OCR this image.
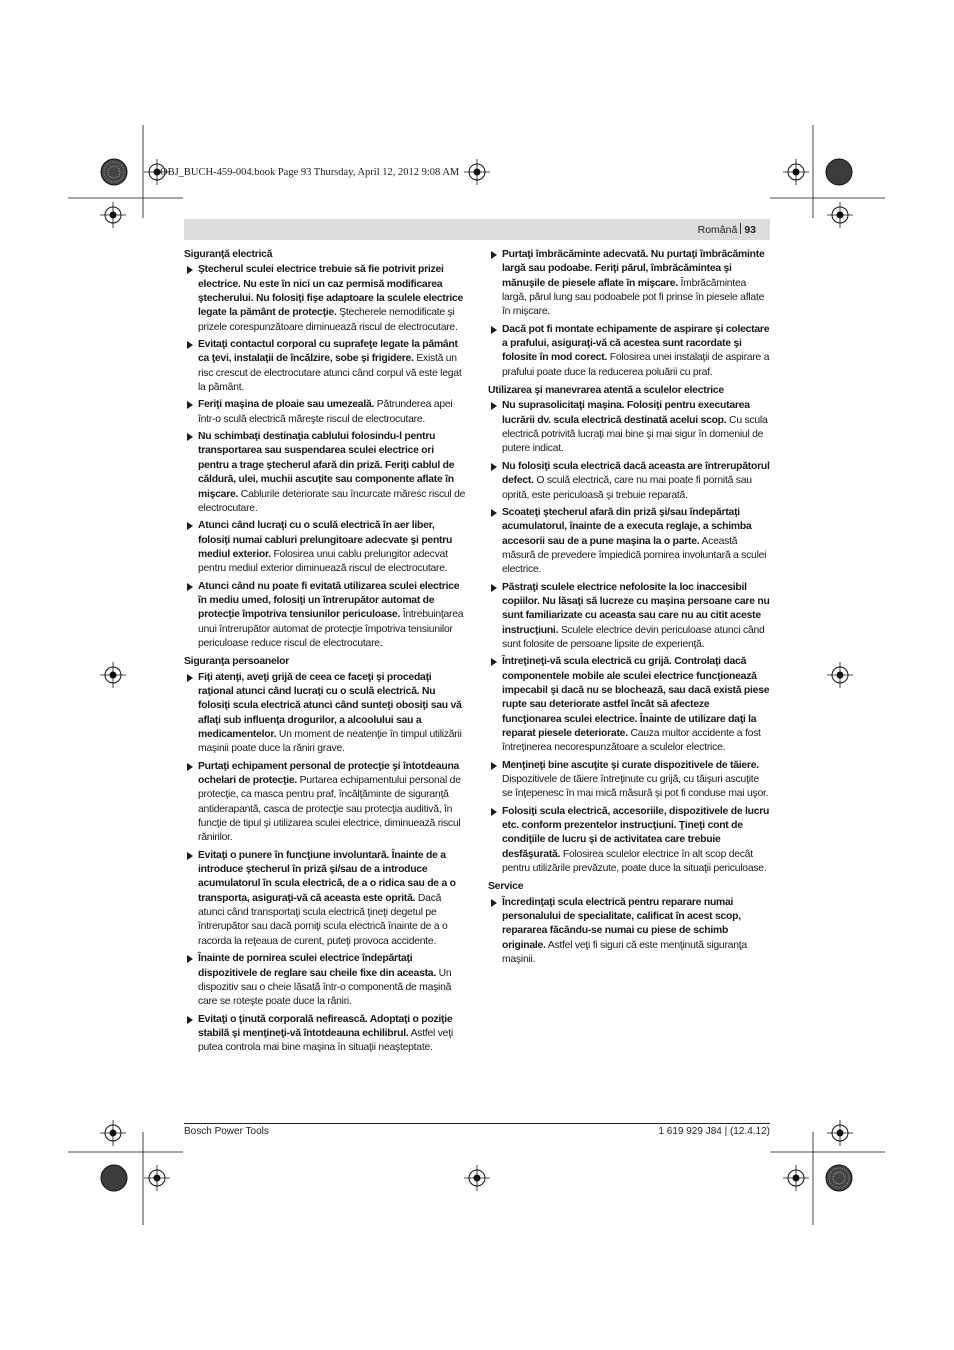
OBJ_BUCH-459-004.book Page 93 Thursday, April 12, 2012 9:08 AM
Română 93
Siguranţă electrică
Ştecherul sculei electrice trebuie să fie potrivit prizei electrice. Nu este în nici un caz permisă modificarea ştecherului. Nu folosiţi fişe adaptoare la sculele electrice legate la pământ de protecţie. Ştecherele nemodificate şi prizele corespunzătoare diminuează riscul de electrocutare.
Evitaţi contactul corporal cu suprafeţe legate la pământ ca ţevi, instalaţii de încălzire, sobe şi frigidere. Există un risc crescut de electrocutare atunci când corpul vă este legat la pământ.
Feriţi maşina de ploaie sau umezeală. Pătrunderea apei într-o sculă electrică măreşte riscul de electrocutare.
Nu schimbaţi destinaţia cablului folosindu-l pentru transportarea sau suspendarea sculei electrice ori pentru a trage ştecherul afară din priză. Feriţi cablul de căldură, ulei, muchii ascuţite sau componente aflate în mişcare. Cablurile deteriorate sau încurcate măresc riscul de electrocutare.
Atunci când lucraţi cu o sculă electrică în aer liber, folosiţi numai cabluri prelungitoare adecvate şi pentru mediul exterior. Folosirea unui cablu prelungitor adecvat pentru mediul exterior diminuează riscul de electrocutare.
Atunci când nu poate fi evitată utilizarea sculei electrice în mediu umed, folosiţi un întrerupător automat de protecţie împotriva tensiunilor periculoase. Întrebuinţarea unui întrerupător automat de protecţie împotriva tensiunilor periculoase reduce riscul de electrocutare.
Siguranţa persoanelor
Fiţi atenţi, aveţi grijă de ceea ce faceţi şi procedaţi raţional atunci când lucraţi cu o sculă electrică. Nu folosiţi scula electrică atunci când sunteţi obosiţi sau vă aflaţi sub influenţa drogurilor, a alcoolului sau a medicamentelor. Un moment de neatenţie în timpul utilizării maşinii poate duce la răniri grave.
Purtaţi echipament personal de protecţie şi întotdeauna ochelari de protecţie. Purtarea echipamentului personal de protecţie, ca masca pentru praf, încălţăminte de siguranţă antiderapantă, casca de protecţie sau protecţia auditivă, în funcţie de tipul şi utilizarea sculei electrice, diminuează riscul rănirilor.
Evitaţi o punere în funcţiune involuntară. Înainte de a introduce ştecherul în priză şi/sau de a introduce acumulatorul în scula electrică, de a o ridica sau de a o transporta, asiguraţi-vă că aceasta este oprită. Dacă atunci când transportaţi scula electrică ţineţi degetul pe întrerupător sau dacă porniţi scula electrică înainte de a o racorda la reţeaua de curent, puteţi provoca accidente.
Înainte de pornirea sculei electrice îndepărtaţi dispozitivele de reglare sau cheile fixe din aceasta. Un dispozitiv sau o cheie lăsată într-o componentă de maşină care se roteşte poate duce la răniri.
Evitaţi o ţinută corporală nefirească. Adoptaţi o poziţie stabilă şi menţineţi-vă întotdeauna echilibrul. Astfel veţi putea controla mai bine maşina în situaţii neaşteptate.
Purtaţi îmbrăcăminte adecvată. Nu purtaţi îmbrăcăminte largă sau podoabe. Feriţi părul, îmbrăcămintea şi mănuşile de piesele aflate în mişcare. Îmbrăcămintea largă, părul lung sau podoabele pot fi prinse în piesele aflate în mişcare.
Dacă pot fi montate echipamente de aspirare şi colectare a prafului, asiguraţi-vă că acestea sunt racordate şi folosite în mod corect. Folosirea unei instalaţii de aspirare a prafului poate duce la reducerea poluării cu praf.
Utilizarea şi manevrarea atentă a sculelor electrice
Nu suprasolicitaţi maşina. Folosiţi pentru executarea lucrării dv. scula electrică destinată acelui scop. Cu scula electrică potrivită lucraţi mai bine şi mai sigur în domeniul de putere indicat.
Nu folosiţi scula electrică dacă aceasta are întrerupătorul defect. O sculă electrică, care nu mai poate fi pornită sau oprită, este periculoasă şi trebuie reparată.
Scoateţi ştecherul afară din priză şi/sau îndepărtaţi acumulatorul, înainte de a executa reglaje, a schimba accesorii sau de a pune maşina la o parte. Această măsură de prevedere împiedică pornirea involuntară a sculei electrice.
Păstraţi sculele electrice nefolosite la loc inaccesibil copiilor. Nu lăsaţi să lucreze cu maşina persoane care nu sunt familiarizate cu aceasta sau care nu au citit aceste instrucţiuni. Sculele electrice devin periculoase atunci când sunt folosite de persoane lipsite de experienţă.
Întreţineţi-vă scula electrică cu grijă. Controlaţi dacă componentele mobile ale sculei electrice funcţionează impecabil şi dacă nu se blochează, sau dacă există piese rupte sau deteriorate astfel încât să afecteze funcţionarea sculei electrice. Înainte de utilizare daţi la reparat piesele deteriorate. Cauza multor accidente a fost întreţinerea necorespunzătoare a sculelor electrice.
Menţineţi bine ascuţite şi curate dispozitivele de tăiere. Dispozitivele de tăiere întreţinute cu grijă, cu tăişuri ascuţite se înţepenesc în mai mică măsură şi pot fi conduse mai uşor.
Folosiţi scula electrică, accesoriile, dispozitivele de lucru etc. conform prezentelor instrucţiuni. Ţineţi cont de condiţiile de lucru şi de activitatea care trebuie desfăşurată. Folosirea sculelor electrice în alt scop decât pentru utilizările prevăzute, poate duce la situaţii periculoase.
Service
Încredinţaţi scula electrică pentru reparare numai personalului de specialitate, calificat în acest scop, repararea făcându-se numai cu piese de schimb originale. Astfel veţi fi siguri că este menţinută siguranţa maşinii.
Bosch Power Tools	1 619 929 J84 | (12.4.12)
